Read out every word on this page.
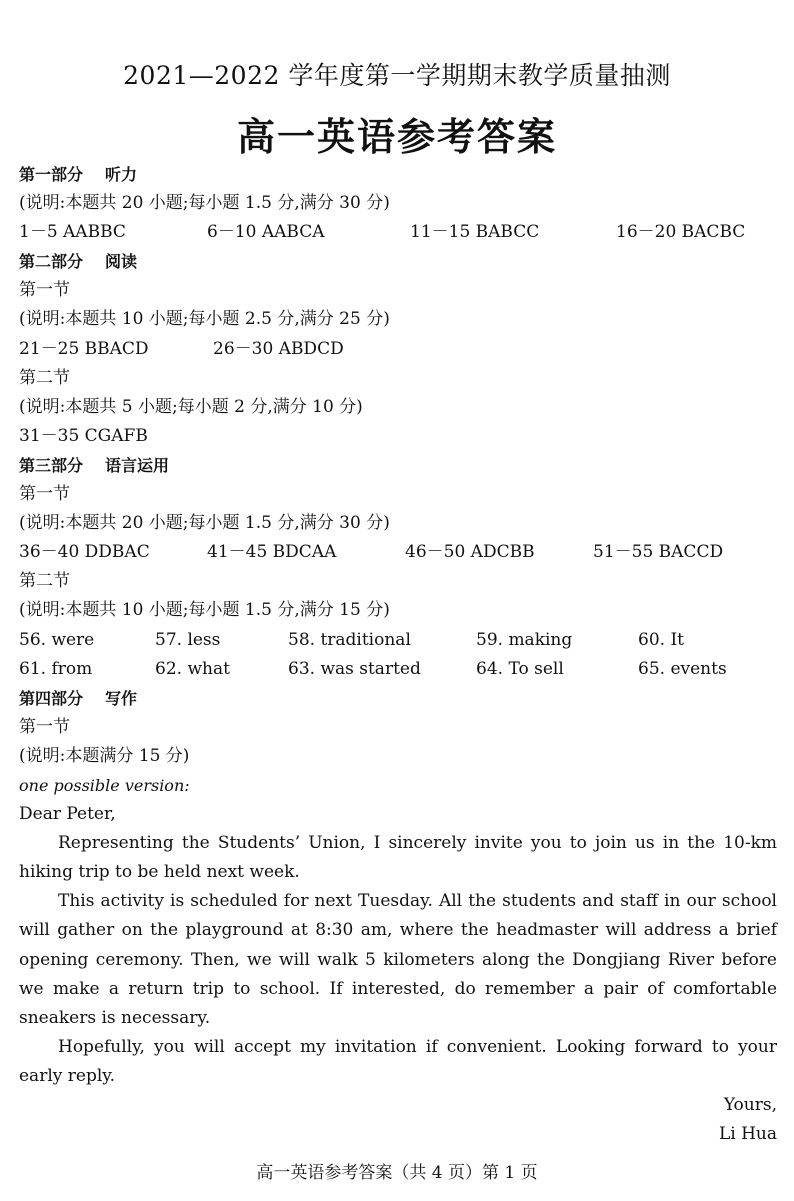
2021—2022 学年度第一学期期末教学质量抽测
高一英语参考答案
第一部分 听力
(说明:本题共 20 小题;每小题 1.5 分,满分 30 分)
1－5 AABBC	6－10 AABCA	11－15 BABCC	16－20 BACBC
第二部分 阅读
第一节
(说明:本题共 10 小题;每小题 2.5 分,满分 25 分)
21－25 BBACD	26－30 ABDCD
第二节
(说明:本题共 5 小题;每小题 2 分,满分 10 分)
31－35 CGAFB
第三部分 语言运用
第一节
(说明:本题共 20 小题;每小题 1.5 分,满分 30 分)
36－40 DDBAC	41－45 BDCAA	46－50 ADCBB	51－55 BACCD
第二节
(说明:本题共 10 小题;每小题 1.5 分,满分 15 分)
56. were	57. less	58. traditional	59. making	60. It
61. from	62. what	63. was started	64. To sell	65. events
第四部分 写作
第一节
(说明:本题满分 15 分)
one possible version:
Dear Peter,

Representing the Students’ Union, I sincerely invite you to join us in the 10-km hiking trip to be held next week.

This activity is scheduled for next Tuesday. All the students and staff in our school will gather on the playground at 8:30 am, where the headmaster will address a brief opening ceremony. Then, we will walk 5 kilometers along the Dongjiang River before we make a return trip to school. If interested, do remember a pair of comfortable sneakers is necessary.

Hopefully, you will accept my invitation if convenient. Looking forward to your early reply.

Yours,
Li Hua
高一英语参考答案（共 4 页）第 1 页
